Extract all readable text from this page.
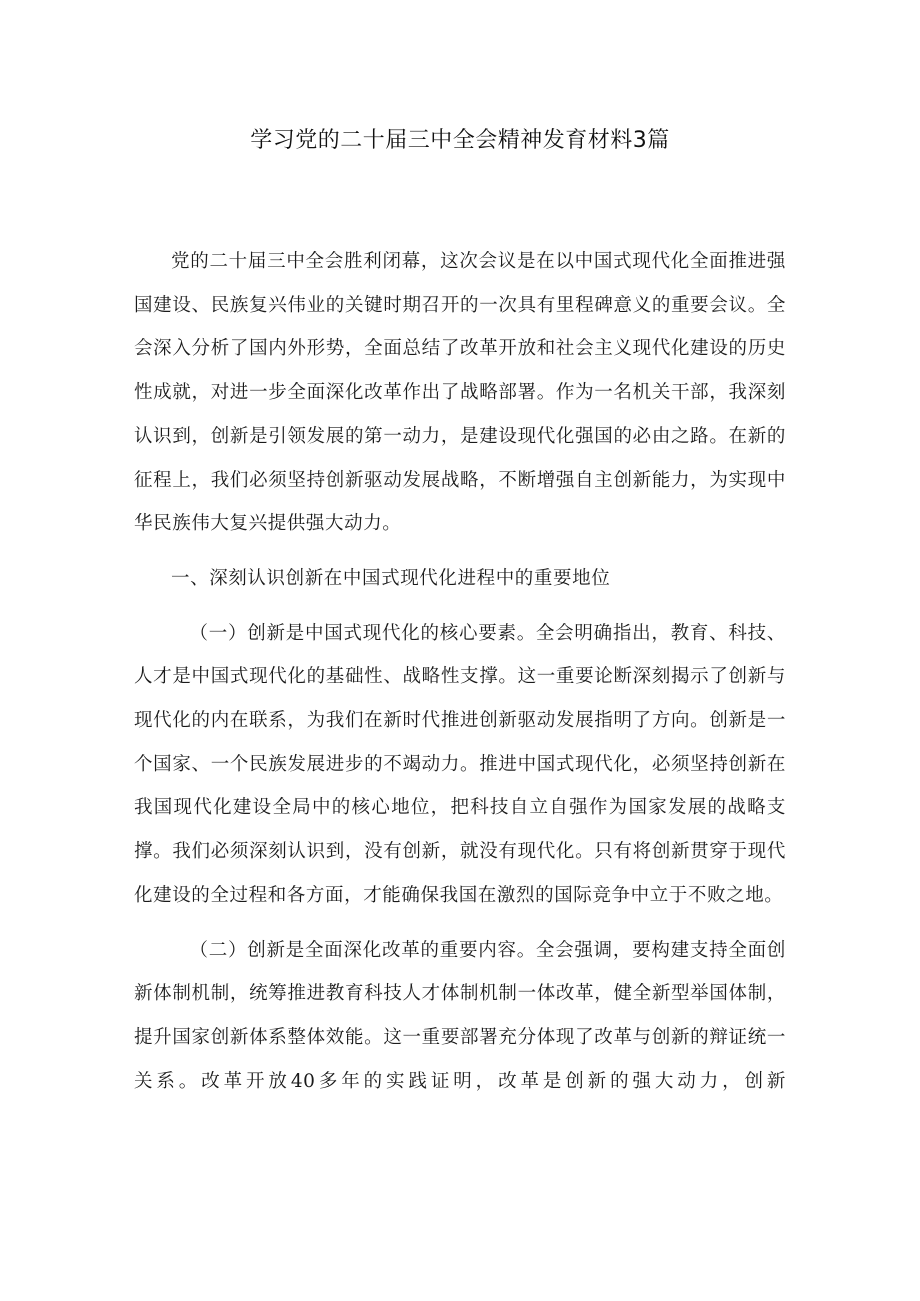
学习党的二十届三中全会精神发育材料3篇

党的二十届三中全会胜利闭幕，这次会议是在以中国式现代化全面推进强国建设、民族复兴伟业的关键时期召开的一次具有里程碑意义的重要会议。全会深入分析了国内外形势，全面总结了改革开放和社会主义现代化建设的历史性成就，对进一步全面深化改革作出了战略部署。作为一名机关干部，我深刻认识到，创新是引领发展的第一动力，是建设现代化强国的必由之路。在新的征程上，我们必须坚持创新驱动发展战略，不断增强自主创新能力，为实现中华民族伟大复兴提供强大动力。

一、深刻认识创新在中国式现代化进程中的重要地位

（一）创新是中国式现代化的核心要素。全会明确指出，教育、科技、人才是中国式现代化的基础性、战略性支撑。这一重要论断深刻揭示了创新与现代化的内在联系，为我们在新时代推进创新驱动发展指明了方向。创新是一个国家、一个民族发展进步的不竭动力。推进中国式现代化，必须坚持创新在我国现代化建设全局中的核心地位，把科技自立自强作为国家发展的战略支撑。我们必须深刻认识到，没有创新，就没有现代化。只有将创新贯穿于现代化建设的全过程和各方面，才能确保我国在激烈的国际竞争中立于不败之地。

（二）创新是全面深化改革的重要内容。全会强调，要构建支持全面创新体制机制，统筹推进教育科技人才体制机制一体改革，健全新型举国体制，提升国家创新体系整体效能。这一重要部署充分体现了改革与创新的辩证统一关系。改革开放40多年的实践证明，改革是创新的强大动力，创新
